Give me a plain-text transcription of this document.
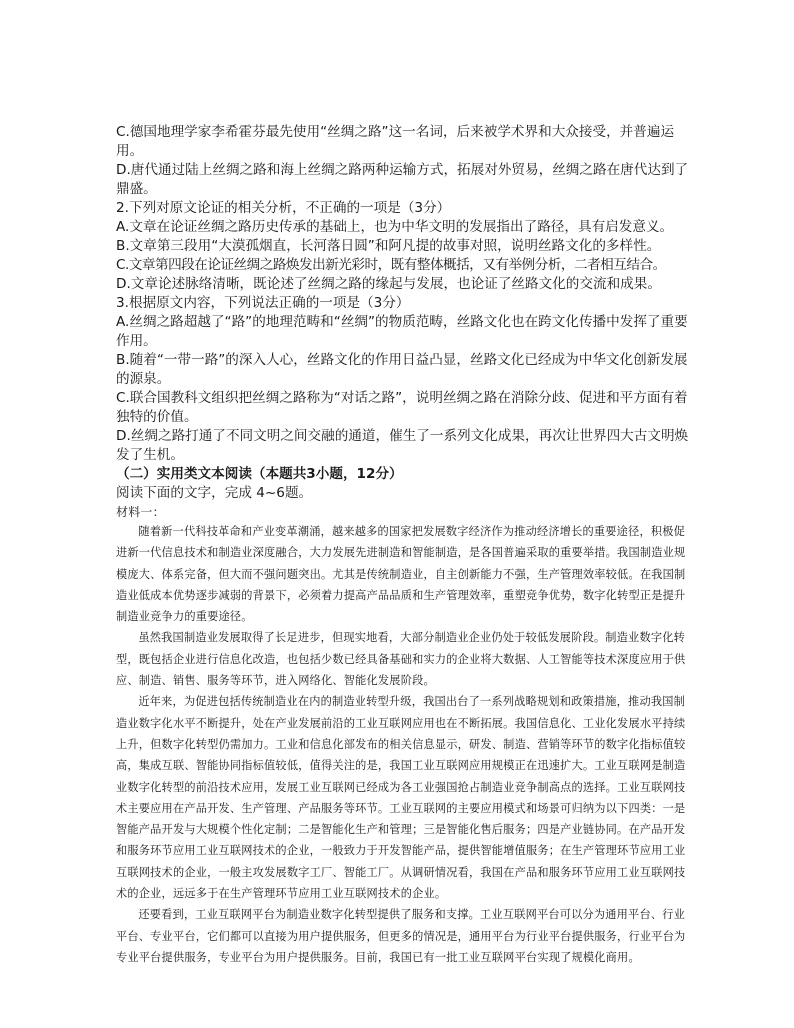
C.德国地理学家李希霍芬最先使用“丝绸之路”这一名词，后来被学术界和大众接受，并普遍运用。

D.唐代通过陆上丝绸之路和海上丝绸之路两种运输方式，拓展对外贸易，丝绸之路在唐代达到了鼎盛。

2.下列对原文论证的相关分析，不正确的一项是（3分）

A.文章在论证丝绸之路历史传承的基础上，也为中华文明的发展指出了路径，具有启发意义。

B.文章第三段用“大漠孤烟直，长河落日圆”和阿凡提的故事对照，说明丝路文化的多样性。

C.文章第四段在论证丝绸之路焕发出新光彩时，既有整体概括，又有举例分析，二者相互结合。

D.文章论述脉络清晰，既论述了丝绸之路的缘起与发展，也论证了丝路文化的交流和成果。

3.根据原文内容，下列说法正确的一项是（3分）

A.丝绸之路超越了“路”的地理范畴和“丝绸”的物质范畴，丝路文化也在跨文化传播中发挥了重要作用。

B.随着“一带一路”的深入人心，丝路文化的作用日益凸显，丝路文化已经成为中华文化创新发展的源泉。

C.联合国教科文组织把丝绸之路称为“对话之路”，说明丝绸之路在消除分歧、促进和平方面有着独特的价值。

D.丝绸之路打通了不同文明之间交融的通道，催生了一系列文化成果，再次让世界四大古文明焕发了生机。

（二）实用类文本阅读（本题共3小题，12分）

阅读下面的文字，完成 4~6题。

材料一：

随着新一代科技革命和产业变革潮涌，越来越多的国家把发展数字经济作为推动经济增长的重要途径，积极促进新一代信息技术和制造业深度融合，大力发展先进制造和智能制造，是各国普遍采取的重要举措。我国制造业规模庞大、体系完备，但大而不强问题突出。尤其是传统制造业，自主创新能力不强，生产管理效率较低。在我国制造业低成本优势逐步减弱的背景下，必须着力提高产品品质和生产管理效率，重塑竞争优势，数字化转型正是提升制造业竞争力的重要途径。

虽然我国制造业发展取得了长足进步，但现实地看，大部分制造业企业仍处于较低发展阶段。制造业数字化转型，既包括企业进行信息化改造，也包括少数已经具备基础和实力的企业将大数据、人工智能等技术深度应用于供应、制造、销售、服务等环节，进入网络化、智能化发展阶段。

近年来，为促进包括传统制造业在内的制造业转型升级，我国出台了一系列战略规划和政策措施，推动我国制造业数字化水平不断提升，处在产业发展前沿的工业互联网应用也在不断拓展。我国信息化、工业化发展水平持续上升，但数字化转型仍需加力。工业和信息化部发布的相关信息显示，研发、制造、营销等环节的数字化指标值较高，集成互联、智能协同指标值较低，值得关注的是，我国工业互联网应用规模正在迅速扩大。工业互联网是制造业数字化转型的前沿技术应用，发展工业互联网已经成为各工业强国抢占制造业竞争制高点的选择。工业互联网技术主要应用在产品开发、生产管理、产品服务等环节。工业互联网的主要应用模式和场景可归纳为以下四类：一是智能产品开发与大规模个性化定制；二是智能化生产和管理；三是智能化售后服务；四是产业链协同。在产品开发和服务环节应用工业互联网技术的企业，一般致力于开发智能产品，提供智能增值服务；在生产管理环节应用工业互联网技术的企业，一般主攻发展数字工厂、智能工厂。从调研情况看，我国在产品和服务环节应用工业互联网技术的企业，远远多于在生产管理环节应用工业互联网技术的企业。

还要看到，工业互联网平台为制造业数字化转型提供了服务和支撑。工业互联网平台可以分为通用平台、行业平台、专业平台，它们都可以直接为用户提供服务，但更多的情况是，通用平台为行业平台提供服务，行业平台为专业平台提供服务，专业平台为用户提供服务。目前，我国已有一批工业互联网平台实现了规模化商用。
